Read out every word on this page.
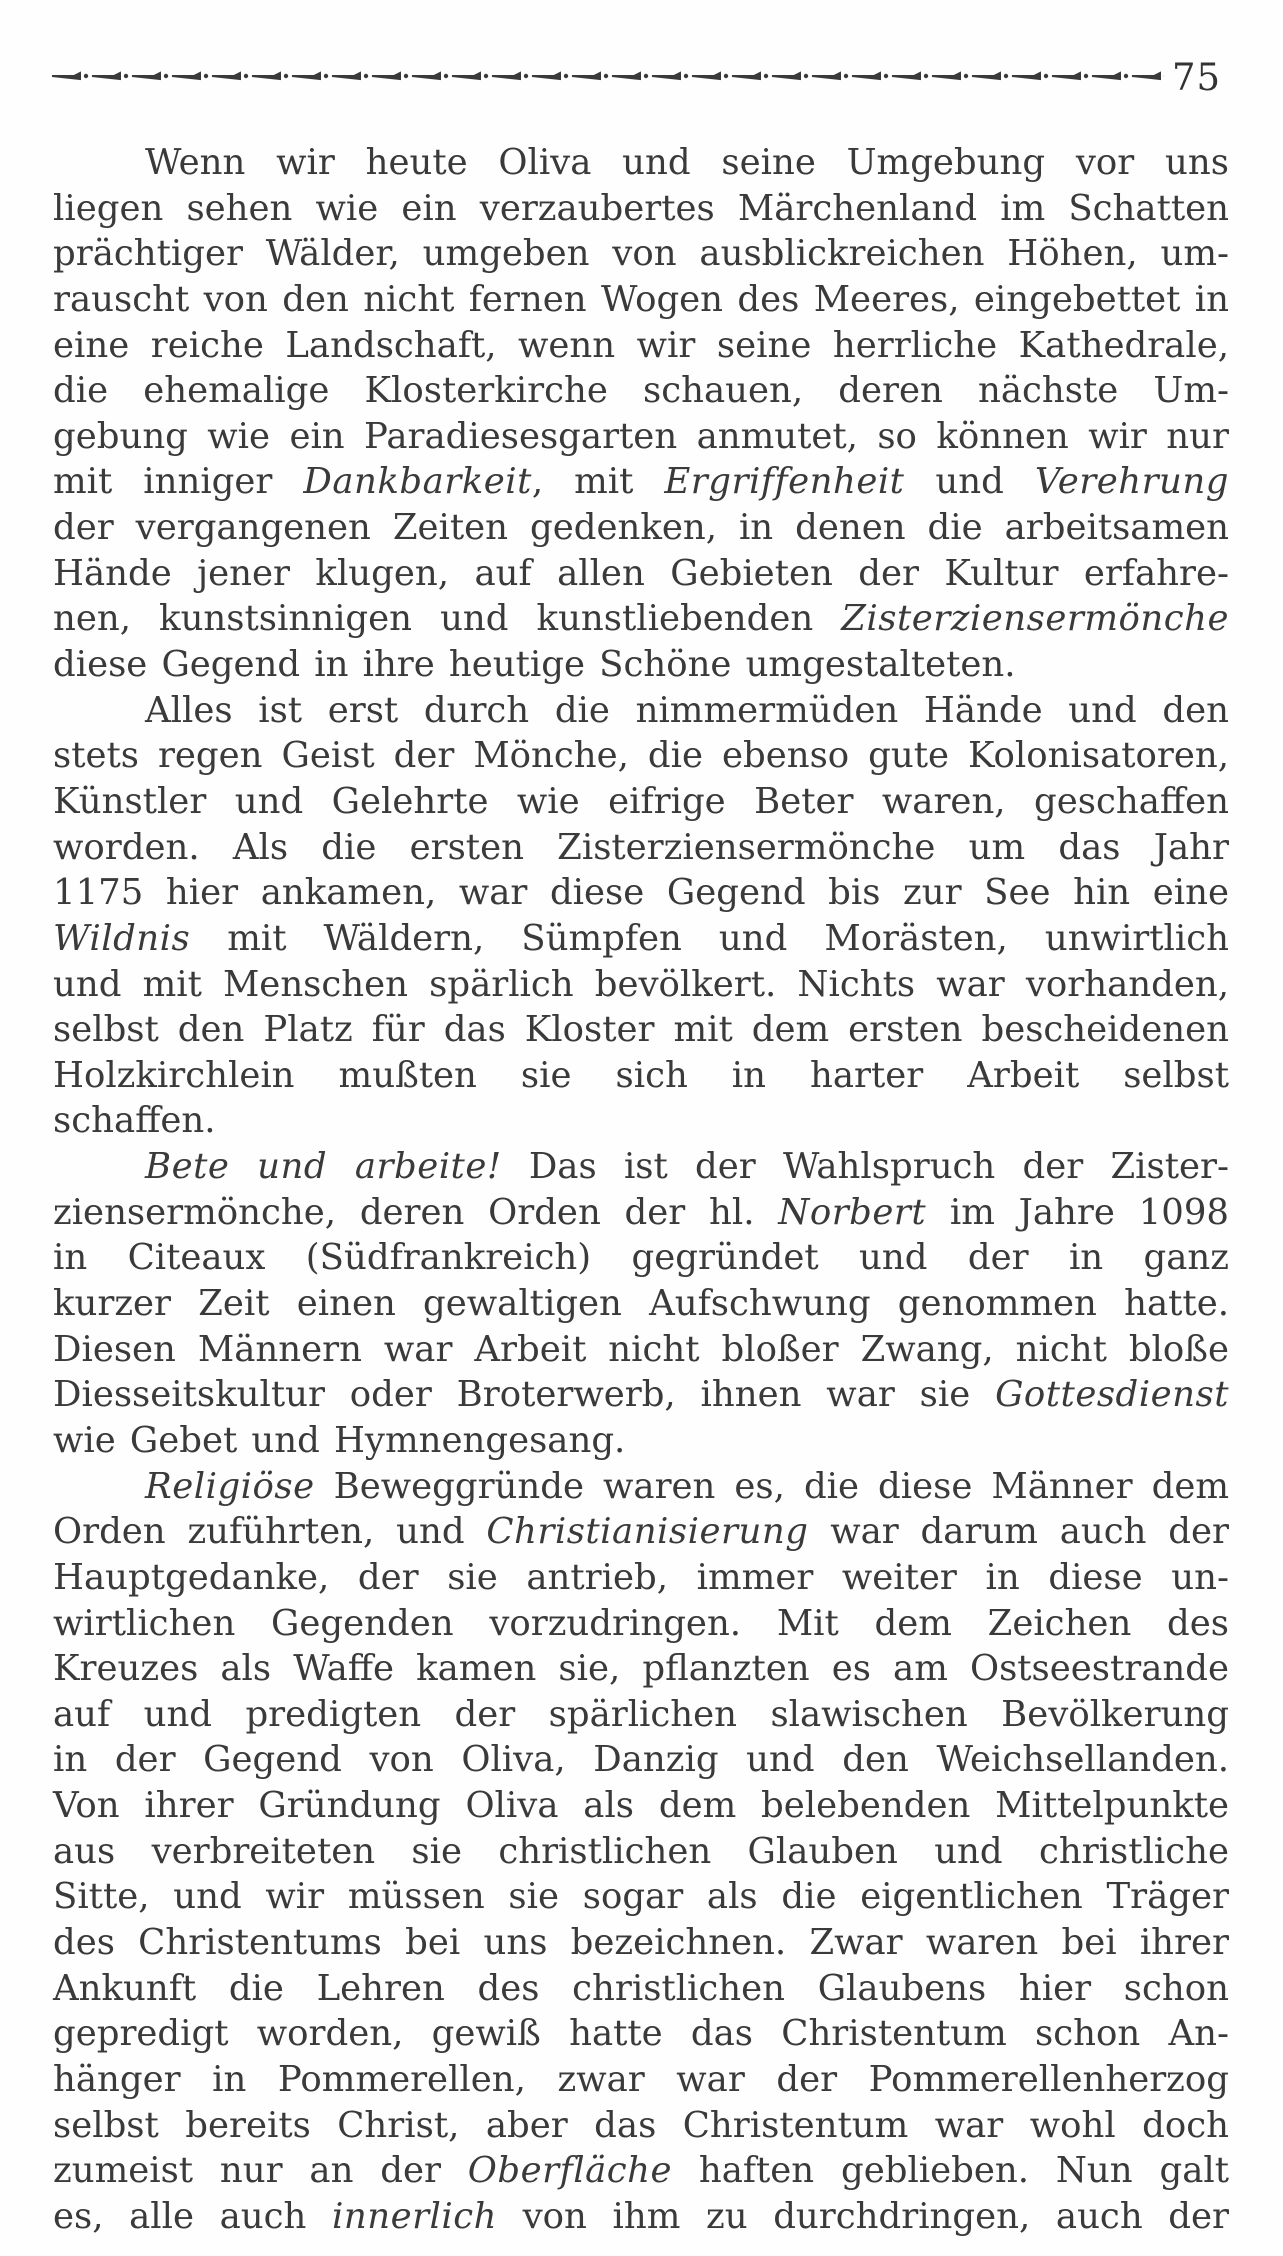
75
Wenn wir heute Oliva und seine Umgebung vor uns
liegen sehen wie ein verzaubertes Märchenland im Schatten
prächtiger Wälder, umgeben von ausblickreichen Höhen, um-
rauscht von den nicht fernen Wogen des Meeres, eingebettet in
eine reiche Landschaft, wenn wir seine herrliche Kathedrale,
die ehemalige Klosterkirche schauen, deren nächste Um-
gebung wie ein Paradiesesgarten anmutet, so können wir nur
mit inniger Dankbarkeit, mit Ergriffenheit und Verehrung
der vergangenen Zeiten gedenken, in denen die arbeitsamen
Hände jener klugen, auf allen Gebieten der Kultur erfahre-
nen, kunstsinnigen und kunstliebenden Zisterziensermönche
diese Gegend in ihre heutige Schöne umgestalteten.
Alles ist erst durch die nimmermüden Hände und den
stets regen Geist der Mönche, die ebenso gute Kolonisatoren,
Künstler und Gelehrte wie eifrige Beter waren, geschaffen
worden. Als die ersten Zisterziensermönche um das Jahr
1175 hier ankamen, war diese Gegend bis zur See hin eine
Wildnis mit Wäldern, Sümpfen und Morästen, unwirtlich
und mit Menschen spärlich bevölkert. Nichts war vorhanden,
selbst den Platz für das Kloster mit dem ersten bescheidenen
Holzkirchlein mußten sie sich in harter Arbeit selbst
schaffen.
Bete und arbeite! Das ist der Wahlspruch der Zister-
ziensermönche, deren Orden der hl. Norbert im Jahre 1098
in Citeaux (Südfrankreich) gegründet und der in ganz
kurzer Zeit einen gewaltigen Aufschwung genommen hatte.
Diesen Männern war Arbeit nicht bloßer Zwang, nicht bloße
Diesseitskultur oder Broterwerb, ihnen war sie Gottesdienst
wie Gebet und Hymnengesang.
Religiöse Beweggründe waren es, die diese Männer dem
Orden zuführten, und Christianisierung war darum auch der
Hauptgedanke, der sie antrieb, immer weiter in diese un-
wirtlichen Gegenden vorzudringen. Mit dem Zeichen des
Kreuzes als Waffe kamen sie, pflanzten es am Ostseestrande
auf und predigten der spärlichen slawischen Bevölkerung
in der Gegend von Oliva, Danzig und den Weichsellanden.
Von ihrer Gründung Oliva als dem belebenden Mittelpunkte
aus verbreiteten sie christlichen Glauben und christliche
Sitte, und wir müssen sie sogar als die eigentlichen Träger
des Christentums bei uns bezeichnen. Zwar waren bei ihrer
Ankunft die Lehren des christlichen Glaubens hier schon
gepredigt worden, gewiß hatte das Christentum schon An-
hänger in Pommerellen, zwar war der Pommerellenherzog
selbst bereits Christ, aber das Christentum war wohl doch
zumeist nur an der Oberfläche haften geblieben. Nun galt
es, alle auch innerlich von ihm zu durchdringen, auch der
